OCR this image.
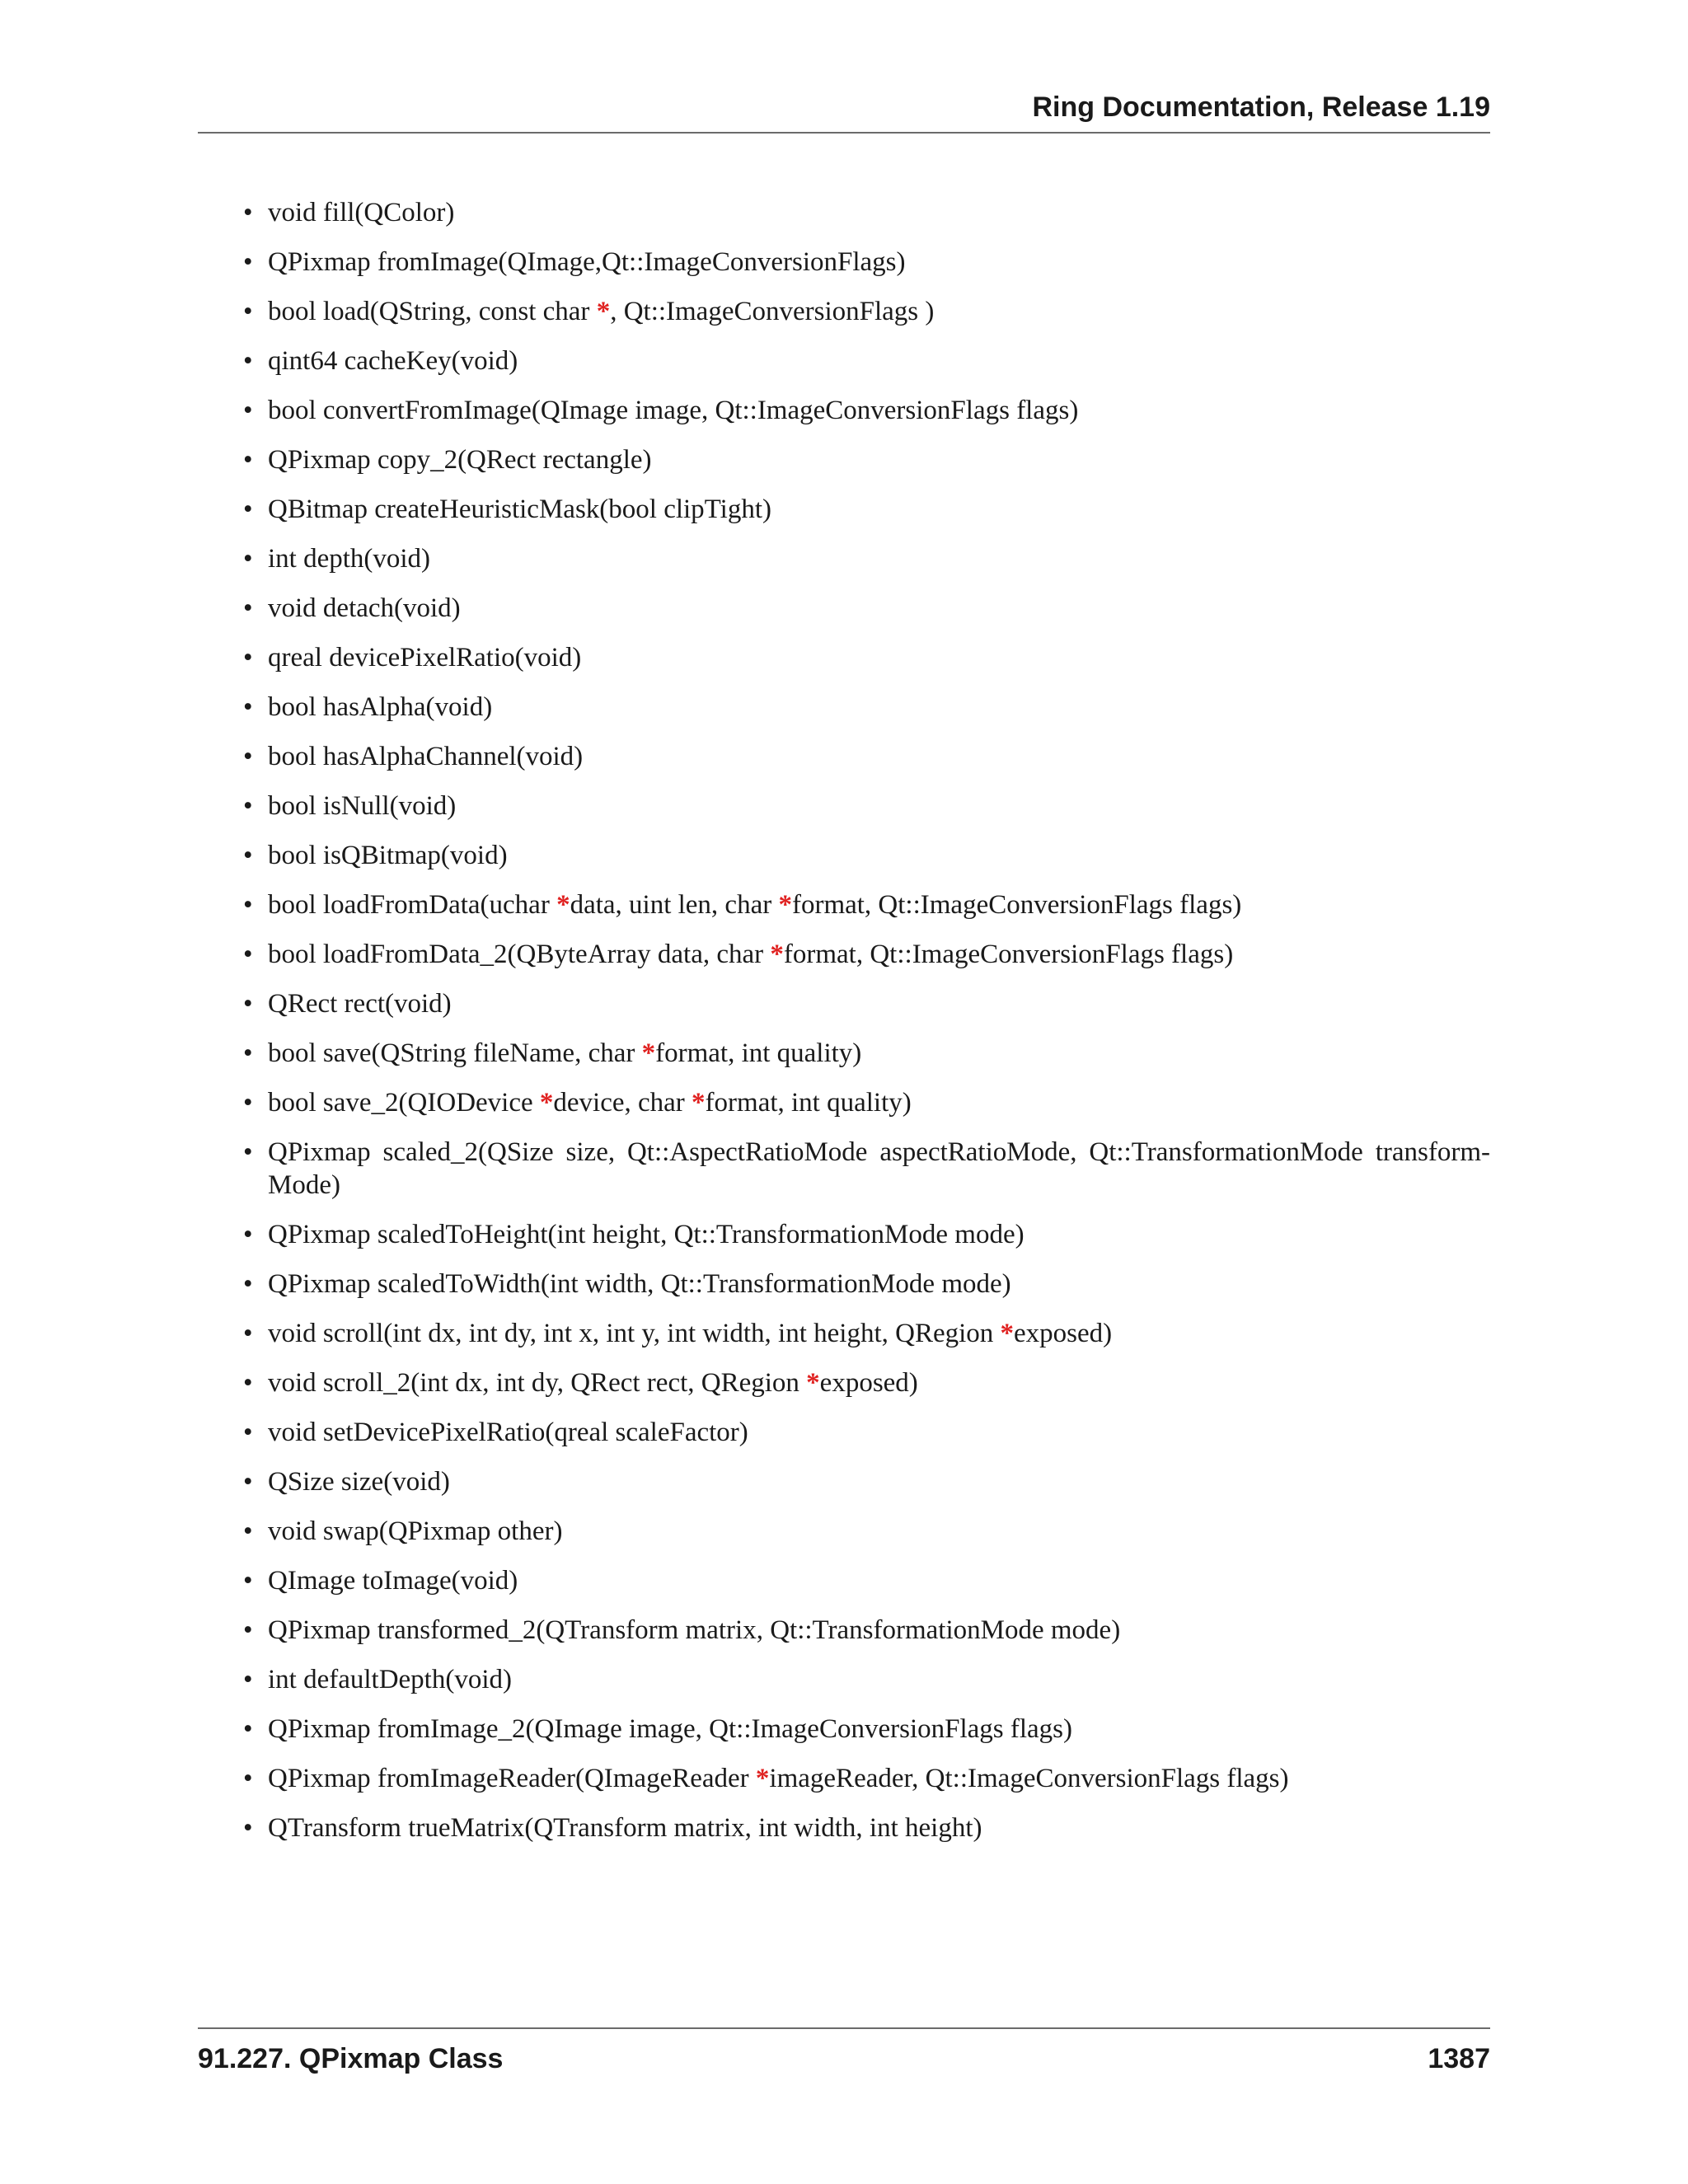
Ring Documentation, Release 1.19
• void fill(QColor)
• QPixmap fromImage(QImage,Qt::ImageConversionFlags)
• bool load(QString, const char *, Qt::ImageConversionFlags )
• qint64 cacheKey(void)
• bool convertFromImage(QImage image, Qt::ImageConversionFlags flags)
• QPixmap copy_2(QRect rectangle)
• QBitmap createHeuristicMask(bool clipTight)
• int depth(void)
• void detach(void)
• qreal devicePixelRatio(void)
• bool hasAlpha(void)
• bool hasAlphaChannel(void)
• bool isNull(void)
• bool isQBitmap(void)
• bool loadFromData(uchar *data, uint len, char *format, Qt::ImageConversionFlags flags)
• bool loadFromData_2(QByteArray data, char *format, Qt::ImageConversionFlags flags)
• QRect rect(void)
• bool save(QString fileName, char *format, int quality)
• bool save_2(QIODevice *device, char *format, int quality)
• QPixmap scaled_2(QSize size, Qt::AspectRatioMode aspectRatioMode, Qt::TransformationMode transform-Mode)
• QPixmap scaledToHeight(int height, Qt::TransformationMode mode)
• QPixmap scaledToWidth(int width, Qt::TransformationMode mode)
• void scroll(int dx, int dy, int x, int y, int width, int height, QRegion *exposed)
• void scroll_2(int dx, int dy, QRect rect, QRegion *exposed)
• void setDevicePixelRatio(qreal scaleFactor)
• QSize size(void)
• void swap(QPixmap other)
• QImage toImage(void)
• QPixmap transformed_2(QTransform matrix, Qt::TransformationMode mode)
• int defaultDepth(void)
• QPixmap fromImage_2(QImage image, Qt::ImageConversionFlags flags)
• QPixmap fromImageReader(QImageReader *imageReader, Qt::ImageConversionFlags flags)
• QTransform trueMatrix(QTransform matrix, int width, int height)
91.227. QPixmap Class	1387
